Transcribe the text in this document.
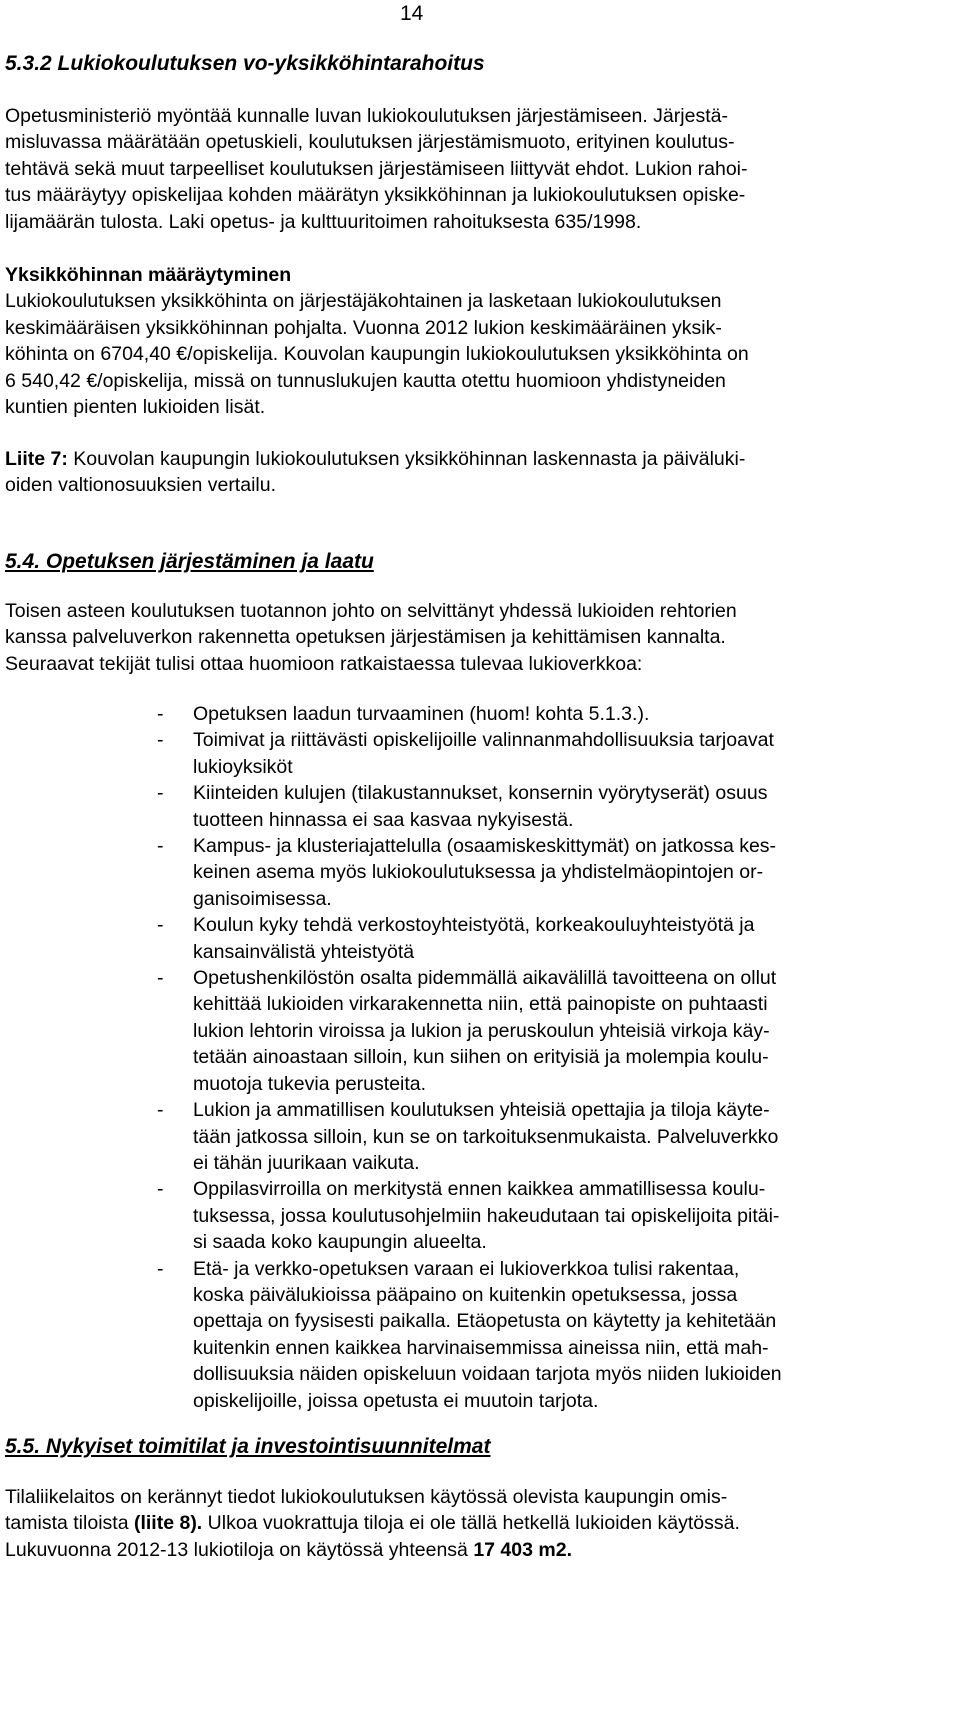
14
5.3.2 Lukiokoulutuksen vo-yksikköhintarahoitus
Opetusministeriö myöntää kunnalle luvan lukiokoulutuksen järjestämiseen. Järjestä-
misluvassa määrätään opetuskieli, koulutuksen järjestämismuoto, erityinen koulutus-
tehtävä sekä muut tarpeelliset koulutuksen järjestämiseen liittyvät ehdot. Lukion rahoi-
tus määräytyy opiskelijaa kohden määrätyn yksikköhinnan ja lukiokoulutuksen opiske-
lijamäärän tulosta. Laki opetus- ja kulttuuritoimen rahoituksesta 635/1998.
Yksikköhinnan määräytyminen
Lukiokoulutuksen yksikköhinta on järjestäjäkohtainen ja lasketaan lukiokoulutuksen
keskimääräisen yksikköhinnan pohjalta. Vuonna 2012 lukion keskimääräinen yksik-
köhinta on 6704,40 €/opiskelija. Kouvolan kaupungin lukiokoulutuksen yksikköhinta on
6 540,42 €/opiskelija, missä on tunnuslukujen kautta otettu huomioon yhdistyneiden
kuntien pienten lukioiden lisät.
Liite 7: Kouvolan kaupungin lukiokoulutuksen yksikköhinnan laskennasta ja päiväluki-
oiden valtionosuuksien vertailu.
5.4. Opetuksen järjestäminen ja laatu
Toisen asteen koulutuksen tuotannon johto on selvittänyt yhdessä lukioiden rehtorien
kanssa palveluverkon rakennetta opetuksen järjestämisen ja kehittämisen kannalta.
Seuraavat tekijät tulisi ottaa huomioon ratkaistaessa tulevaa lukioverkkoa:
-	Opetuksen laadun turvaaminen (huom! kohta 5.1.3.).
-	Toimivat ja riittävästi opiskelijoille valinnanmahdollisuuksia tarjoavat
lukioyksiköt
-	Kiinteiden kulujen (tilakustannukset, konsernin vyörytyserät) osuus
tuotteen hinnassa ei saa kasvaa nykyisestä.
-	Kampus- ja klusteriajattelulla (osaamiskeskittymät) on jatkossa kes-
keinen asema myös lukiokoulutuksessa ja yhdistelmäopintojen or-
ganisoimisessa.
-	Koulun kyky tehdä verkostoyhteistyötä, korkeakouluyhteistyötä ja
kansainvälistä yhteistyötä
-	Opetushenkilöstön osalta pidemmällä aikavälillä tavoitteena on ollut
kehittää lukioiden virkarakennetta niin, että painopiste on puhtaasti
lukion lehtorin viroissa ja lukion ja peruskoulun yhteisiä virkoja käy-
tetään ainoastaan silloin, kun siihen on erityisiä ja molempia koulu-
muotoja tukevia perusteita.
-	Lukion ja ammatillisen koulutuksen yhteisiä opettajia ja tiloja käyte-
tään jatkossa silloin, kun se on tarkoituksenmukaista. Palveluverkko
ei tähän juurikaan vaikuta.
-	Oppilasvirroilla on merkitystä ennen kaikkea ammatillisessa koulu-
tuksessa, jossa koulutusohjelmiin hakeudutaan tai opiskelijoita pitäi-
si saada koko kaupungin alueelta.
-	Etä- ja verkko-opetuksen varaan ei lukioverkkoa tulisi rakentaa,
koska päivälukioissa pääpaino on kuitenkin opetuksessa, jossa
opettaja on fyysisesti paikalla. Etäopetusta on käytetty ja kehitetään
kuitenkin ennen kaikkea harvinaisemmissa aineissa niin, että mah-
dollisuuksia näiden opiskeluun voidaan tarjota myös niiden lukioiden
opiskelijoille, joissa opetusta ei muutoin tarjota.
5.5. Nykyiset toimitilat ja investointisuunnitelmat
Tilaliikelaitos on kerännyt tiedot lukiokoulutuksen käytössä olevista kaupungin omis-
tamista tiloista (liite 8). Ulkoa vuokrattuja tiloja ei ole tällä hetkellä lukioiden käytössä.
Lukuvuonna 2012-13 lukiotiloja on käytössä yhteensä 17 403 m2.
